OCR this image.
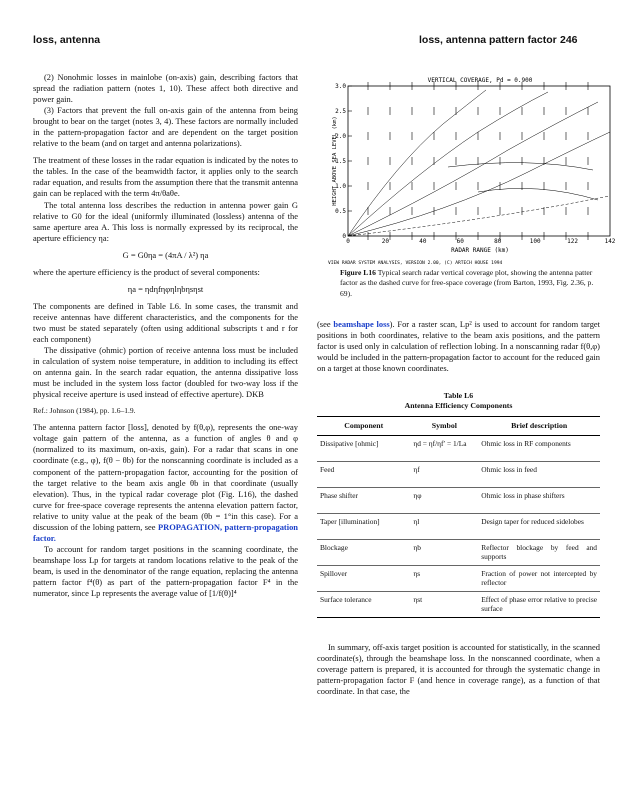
loss, antenna	loss, antenna pattern factor 246

(2) Nonohmic losses in mainlobe (on-axis) gain, describing factors that spread the radiation pattern (notes 1, 10). These affect both directive and power gain.

(3) Factors that prevent the full on-axis gain of the antenna from being brought to bear on the target (notes 3, 4). These factors are normally included in the pattern-propagation factor and are dependent on the target position relative to the beam (and on target and antenna polarizations).

The treatment of these losses in the radar equation is indicated by the notes to the tables. In the case of the beamwidth factor, it applies only to the search radar equation, and results from the assumption there that the transmit antenna gain can be replaced with the term 4π/θaθe.

The total antenna loss describes the reduction in antenna power gain G relative to G0 for the ideal (uniformly illuminated (lossless) antenna of the same aperture area A. This loss is normally expressed by its reciprocal, the aperture efficiency ηa:

G = G0ηa = (4πA / λ²) ηa

where the aperture efficiency is the product of several components:

ηa = ηdηfηφηlηbηsηst

The components are defined in Table L6. In some cases, the transmit and receive antennas have different characteristics, and the components for the two must be stated separately (often using additional subscripts t and r for each component)

The dissipative (ohmic) portion of receive antenna loss must be included in calculation of system noise temperature, in addition to including its effect on antenna gain. In the search radar equation, the antenna dissipative loss must be included in the system loss factor (doubled for two-way loss if the physical receive aperture is used instead of effective aperture). DKB

Ref.: Johnson (1984), pp. 1.6–1.9.

The antenna pattern factor [loss], denoted by f(θ,φ), represents the one-way voltage gain pattern of the antenna, as a function of angles θ and φ (normalized to its maximum, on-axis, gain). For a radar that scans in one coordinate (e.g., φ), f(θ − θb) for the nonscanning coordinate is included as a component of the pattern-propagation factor, accounting for the position of the target relative to the beam axis angle θb in that coordinate (usually elevation). Thus, in the typical radar coverage plot (Fig. L16), the dashed curve for free-space coverage represents the antenna elevation pattern factor, relative to unity value at the peak of the beam (θb = 1°in this case). For a discussion of the lobing pattern, see PROPAGATION, pattern-propagation factor.

To account for random target positions in the scanning coordinate, the beamshape loss Lp for targets at random locations relative to the peak of the beam, is used in the denominator of the range equation, replacing the antenna pattern factor f⁴(θ) as part of the pattern-propagation factor F⁴ in the numerator, since Lp represents the average value of [1/f(θ)]⁴

VERTICAL COVERAGE, Pd = 0.900
3.0
2.5
2.0
1.5
1.0
0.5
0
0	20	40	60	80	100	122	142
HEIGHT ABOVE SEA LEVEL (km)
RADAR RANGE (km)
VIEW RADAR SYSTEM ANALYSIS, VERSION 2.00, (C) ARTECH HOUSE 1994
Figure L16 Typical search radar vertical coverage plot, showing the antenna patter factor as the dashed curve for free-space coverage (from Barton, 1993, Fig. 2.36, p. 69).

(see beamshape loss). For a raster scan, Lp² is used to account for random target positions in both coordinates, relative to the beam axis positions, and the pattern factor is used only in calculation of reflection lobing. In a nonscanning radar f(θ,φ) would be included in the pattern-propagation factor to account for the reduced gain on a target at those known coordinates.

Table L6
Antenna Efficiency Components
Component	Symbol	Brief description
Dissipative [ohmic]	ηd = ηf/ηf′ = 1/La	Ohmic loss in RF components
Feed	ηf	Ohmic loss in feed
Phase shifter	ηφ	Ohmic loss in phase shifters
Taper [illumination]	ηl	Design taper for reduced sidelobes
Blockage	ηb	Reflector blockage by feed and supports
Spillover	ηs	Fraction of power not intercepted by reflector
Surface tolerance	ηst	Effect of phase error relative to precise surface

In summary, off-axis target position is accounted for statistically, in the scanned coordinate(s), through the beamshape loss. In the nonscanned coordinate, when a coverage pattern is prepared, it is accounted for through the systematic change in pattern-propagation factor F (and hence in coverage range), as a function of that coordinate. In that case, the
